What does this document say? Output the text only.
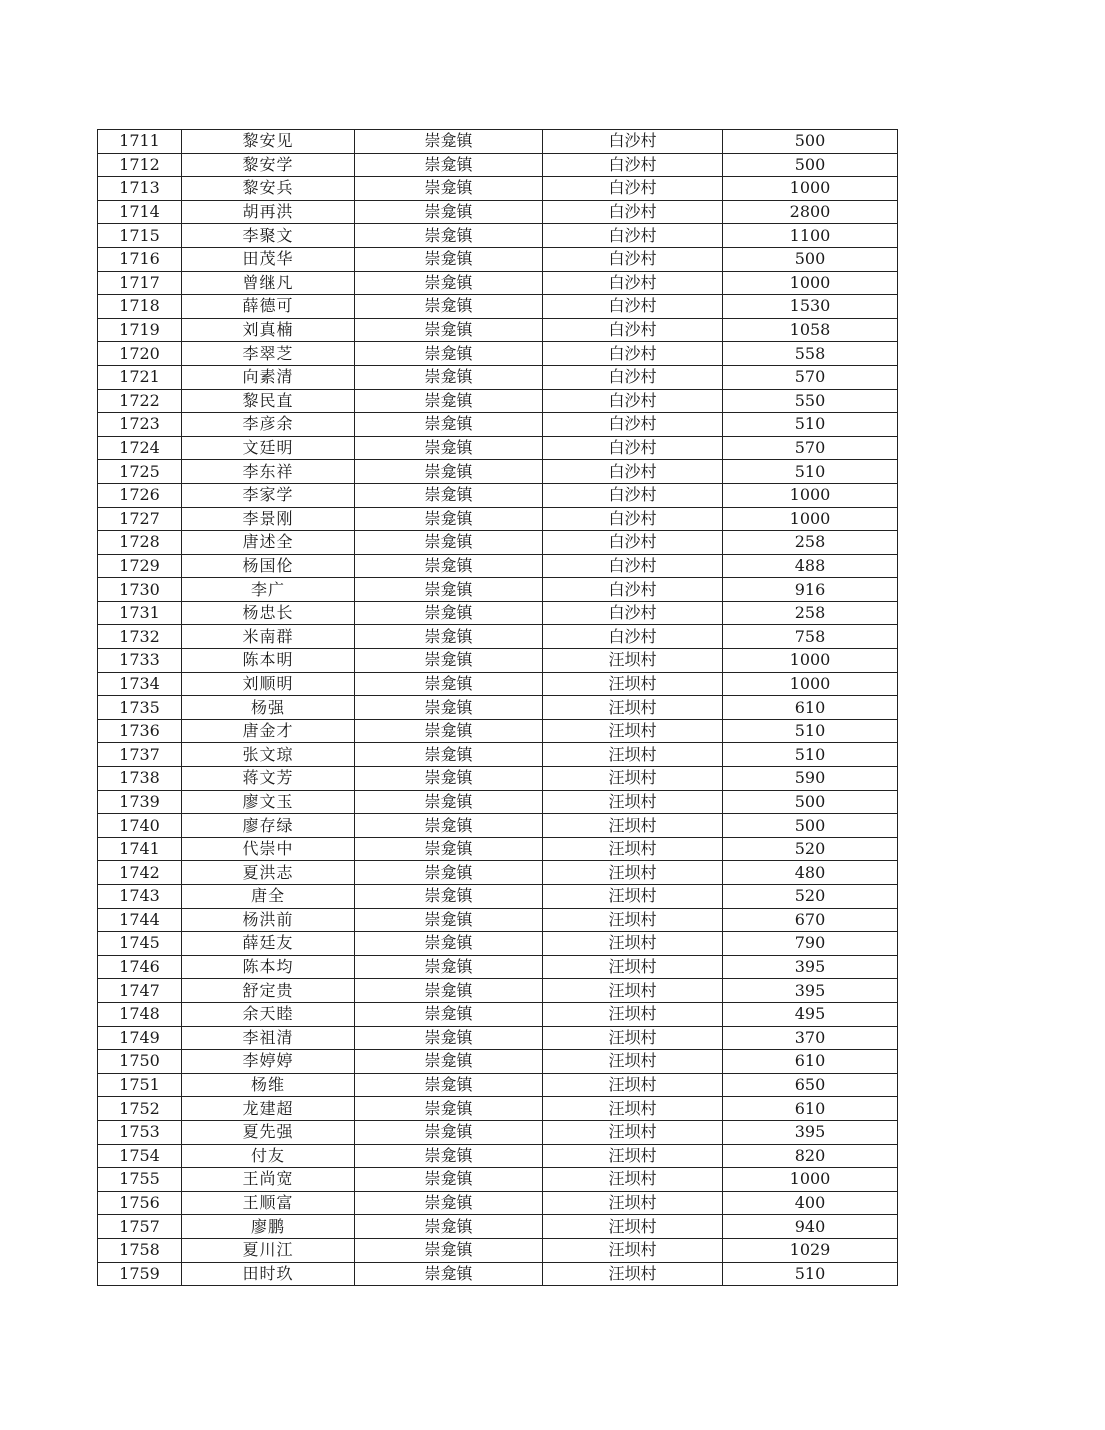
1711	黎安见	崇龛镇	白沙村	500
1712	黎安学	崇龛镇	白沙村	500
1713	黎安兵	崇龛镇	白沙村	1000
1714	胡再洪	崇龛镇	白沙村	2800
1715	李聚文	崇龛镇	白沙村	1100
1716	田茂华	崇龛镇	白沙村	500
1717	曾继凡	崇龛镇	白沙村	1000
1718	薛德可	崇龛镇	白沙村	1530
1719	刘真楠	崇龛镇	白沙村	1058
1720	李翠芝	崇龛镇	白沙村	558
1721	向素清	崇龛镇	白沙村	570
1722	黎民直	崇龛镇	白沙村	550
1723	李彦余	崇龛镇	白沙村	510
1724	文廷明	崇龛镇	白沙村	570
1725	李东祥	崇龛镇	白沙村	510
1726	李家学	崇龛镇	白沙村	1000
1727	李景刚	崇龛镇	白沙村	1000
1728	唐述全	崇龛镇	白沙村	258
1729	杨国伦	崇龛镇	白沙村	488
1730	李广	崇龛镇	白沙村	916
1731	杨忠长	崇龛镇	白沙村	258
1732	米南群	崇龛镇	白沙村	758
1733	陈本明	崇龛镇	汪坝村	1000
1734	刘顺明	崇龛镇	汪坝村	1000
1735	杨强	崇龛镇	汪坝村	610
1736	唐金才	崇龛镇	汪坝村	510
1737	张文琼	崇龛镇	汪坝村	510
1738	蒋文芳	崇龛镇	汪坝村	590
1739	廖文玉	崇龛镇	汪坝村	500
1740	廖存绿	崇龛镇	汪坝村	500
1741	代崇中	崇龛镇	汪坝村	520
1742	夏洪志	崇龛镇	汪坝村	480
1743	唐全	崇龛镇	汪坝村	520
1744	杨洪前	崇龛镇	汪坝村	670
1745	薛廷友	崇龛镇	汪坝村	790
1746	陈本均	崇龛镇	汪坝村	395
1747	舒定贵	崇龛镇	汪坝村	395
1748	余天睦	崇龛镇	汪坝村	495
1749	李祖清	崇龛镇	汪坝村	370
1750	李婷婷	崇龛镇	汪坝村	610
1751	杨维	崇龛镇	汪坝村	650
1752	龙建超	崇龛镇	汪坝村	610
1753	夏先强	崇龛镇	汪坝村	395
1754	付友	崇龛镇	汪坝村	820
1755	王尚宽	崇龛镇	汪坝村	1000
1756	王顺富	崇龛镇	汪坝村	400
1757	廖鹏	崇龛镇	汪坝村	940
1758	夏川江	崇龛镇	汪坝村	1029
1759	田时玖	崇龛镇	汪坝村	510
